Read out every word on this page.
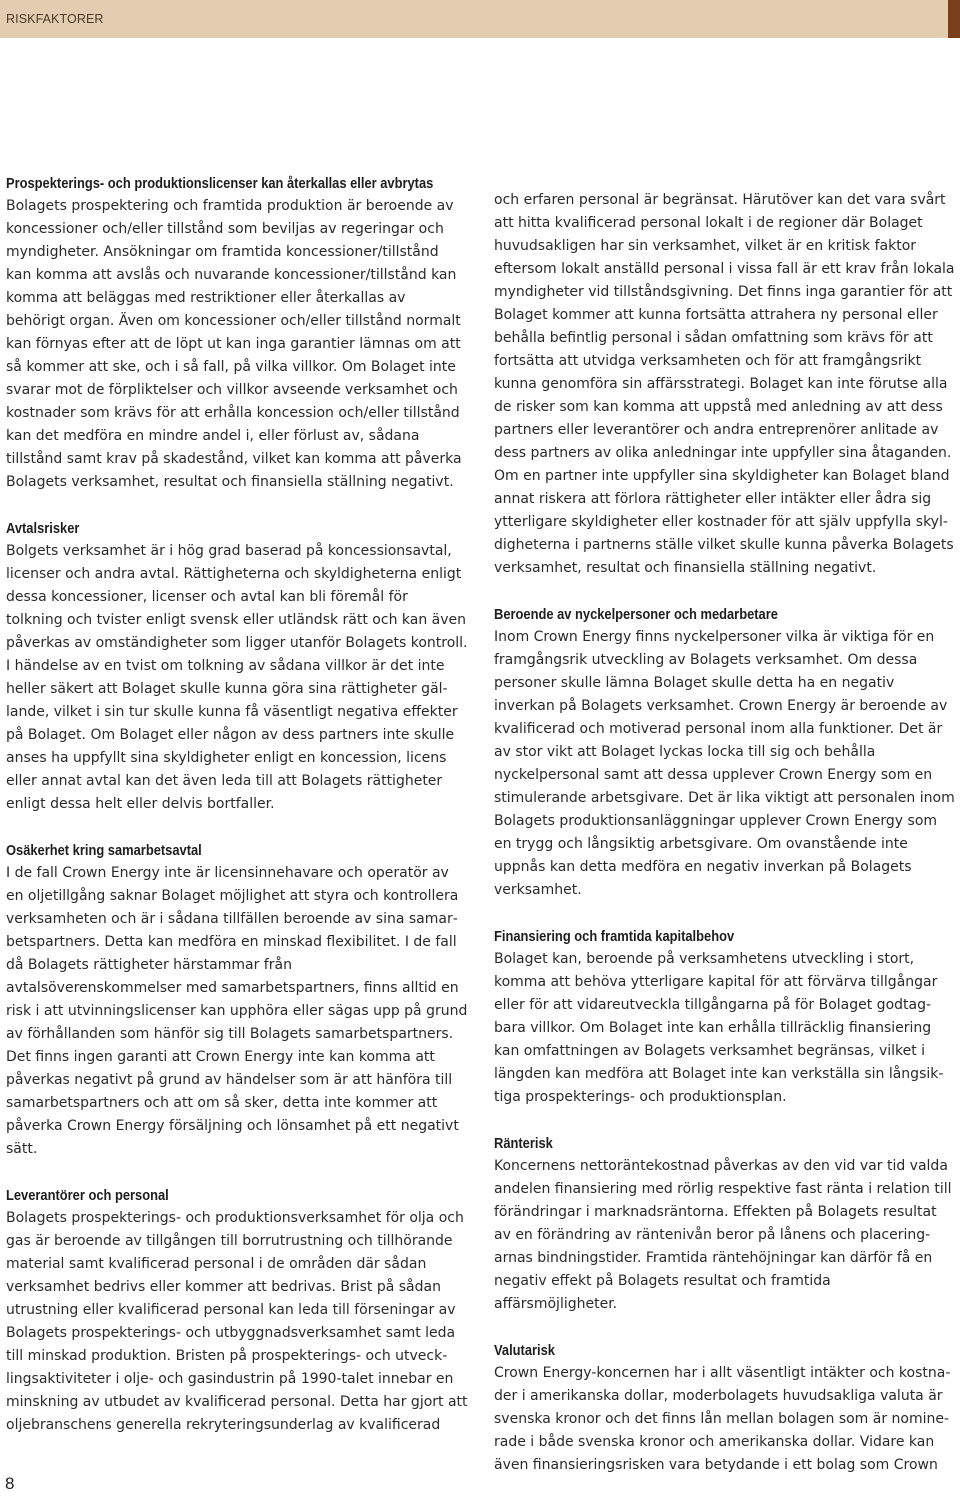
RISKFAKTORER
Prospekterings- och produktionslicenser kan återkallas eller avbrytas

Bolagets prospektering och framtida produktion är beroende av koncessioner och/eller tillstånd som beviljas av regeringar och myndigheter. Ansökningar om framtida koncessioner/tillstånd kan komma att avslås och nuvarande koncessioner/tillstånd kan komma att beläggas med restriktioner eller återkallas av behörigt organ. Även om koncessioner och/eller tillstånd normalt kan förnyas efter att de löpt ut kan inga garantier lämnas om att så kommer att ske, och i så fall, på vilka villkor. Om Bolaget inte svarar mot de förpliktelser och villkor avseende verksamhet och kostnader som krävs för att erhålla koncession och/eller tillstånd kan det medföra en mindre andel i, eller förlust av, sådana tillstånd samt krav på skadestånd, vilket kan komma att påverka Bolagets verksamhet, resultat och finansiella ställning negativt.

Avtalsrisker

Bolgets verksamhet är i hög grad baserad på koncessionsavtal, licenser och andra avtal. Rättigheterna och skyldigheterna enligt dessa koncessioner, licenser och avtal kan bli föremål för tolkning och tvister enligt svensk eller utländsk rätt och kan även påverkas av omständigheter som ligger utanför Bolagets kontroll. I händelse av en tvist om tolkning av sådana villkor är det inte heller säkert att Bolaget skulle kunna göra sina rättigheter gällande, vilket i sin tur skulle kunna få väsentligt negativa effekter på Bolaget. Om Bolaget eller någon av dess partners inte skulle anses ha uppfyllt sina skyldigheter enligt en koncession, licens eller annat avtal kan det även leda till att Bolagets rättigheter enligt dessa helt eller delvis bortfaller.

Osäkerhet kring samarbetsavtal

I de fall Crown Energy inte är licensinnehavare och operatör av en oljetillgång saknar Bolaget möjlighet att styra och kontrollera verksamheten och är i sådana tillfällen beroende av sina samarbetspartners. Detta kan medföra en minskad flexibilitet. I de fall då Bolagets rättigheter härstammar från avtalsöverenskommelser med samarbetspartners, finns alltid en risk i att utvinningslicenser kan upphöra eller sägas upp på grund av förhållanden som hänför sig till Bolagets samarbetspartners. Det finns ingen garanti att Crown Energy inte kan komma att påverkas negativt på grund av händelser som är att hänföra till samarbetspartners och att om så sker, detta inte kommer att påverka Crown Energy försäljning och lönsamhet på ett negativt sätt.

Leverantörer och personal

Bolagets prospekterings- och produktionsverksamhet för olja och gas är beroende av tillgången till borrutrustning och tillhörande material samt kvalificerad personal i de områden där sådan verksamhet bedrivs eller kommer att bedrivas. Brist på sådan utrustning eller kvalificerad personal kan leda till förseningar av Bolagets prospekterings- och utbyggnadsverksamhet samt leda till minskad produktion. Bristen på prospekterings- och utvecklingsaktiviteter i olje- och gasindustrin på 1990-talet innebar en minskning av utbudet av kvalificerad personal. Detta har gjort att oljebranschens generella rekryteringsunderlag av kvalificerad

och erfaren personal är begränsat. Härutöver kan det vara svårt att hitta kvalificerad personal lokalt i de regioner där Bolaget huvudsakligen har sin verksamhet, vilket är en kritisk faktor eftersom lokalt anställd personal i vissa fall är ett krav från lokala myndigheter vid tillståndsgivning. Det finns inga garantier för att Bolaget kommer att kunna fortsätta attrahera ny personal eller behålla befintlig personal i sådan omfattning som krävs för att fortsätta att utvidga verksamheten och för att framgångsrikt kunna genomföra sin affärsstrategi. Bolaget kan inte förutse alla de risker som kan komma att uppstå med anledning av att dess partners eller leverantörer och andra entreprenörer anlitade av dess partners av olika anledningar inte uppfyller sina åtaganden. Om en partner inte uppfyller sina skyldigheter kan Bolaget bland annat riskera att förlora rättigheter eller intäkter eller ådra sig ytterligare skyldigheter eller kostnader för att själv uppfylla skyldigheterna i partnerns ställe vilket skulle kunna påverka Bolagets verksamhet, resultat och finansiella ställning negativt.

Beroende av nyckelpersoner och medarbetare

Inom Crown Energy finns nyckelpersoner vilka är viktiga för en framgångsrik utveckling av Bolagets verksamhet. Om dessa personer skulle lämna Bolaget skulle detta ha en negativ inverkan på Bolagets verksamhet. Crown Energy är beroende av kvalificerad och motiverad personal inom alla funktioner. Det är av stor vikt att Bolaget lyckas locka till sig och behålla nyckelpersonal samt att dessa upplever Crown Energy som en stimulerande arbetsgivare. Det är lika viktigt att personalen inom Bolagets produktionsanläggningar upplever Crown Energy som en trygg och långsiktig arbetsgivare. Om ovanstående inte uppnås kan detta medföra en negativ inverkan på Bolagets verksamhet.

Finansiering och framtida kapitalbehov

Bolaget kan, beroende på verksamhetens utveckling i stort, komma att behöva ytterligare kapital för att förvärva tillgångar eller för att vidareutveckla tillgångarna på för Bolaget godtagbara villkor. Om Bolaget inte kan erhålla tillräcklig finansiering kan omfattningen av Bolagets verksamhet begränsas, vilket i längden kan medföra att Bolaget inte kan verkställa sin långsiktiga prospekterings- och produktionsplan.

Ränterisk

Koncernens nettoräntekostnad påverkas av den vid var tid valda andelen finansiering med rörlig respektive fast ränta i relation till förändringar i marknadsräntorna. Effekten på Bolagets resultat av en förändring av räntenivån beror på lånens och placeringarnas bindningstider. Framtida räntehöjningar kan därför få en negativ effekt på Bolagets resultat och framtida affärsmöjligheter.

Valutarisk

Crown Energy-koncernen har i allt väsentligt intäkter och kostnader i amerikanska dollar, moderbolagets huvudsakliga valuta är svenska kronor och det finns lån mellan bolagen som är nominerade i både svenska kronor och amerikanska dollar. Vidare kan även finansieringsrisken vara betydande i ett bolag som Crown

8
